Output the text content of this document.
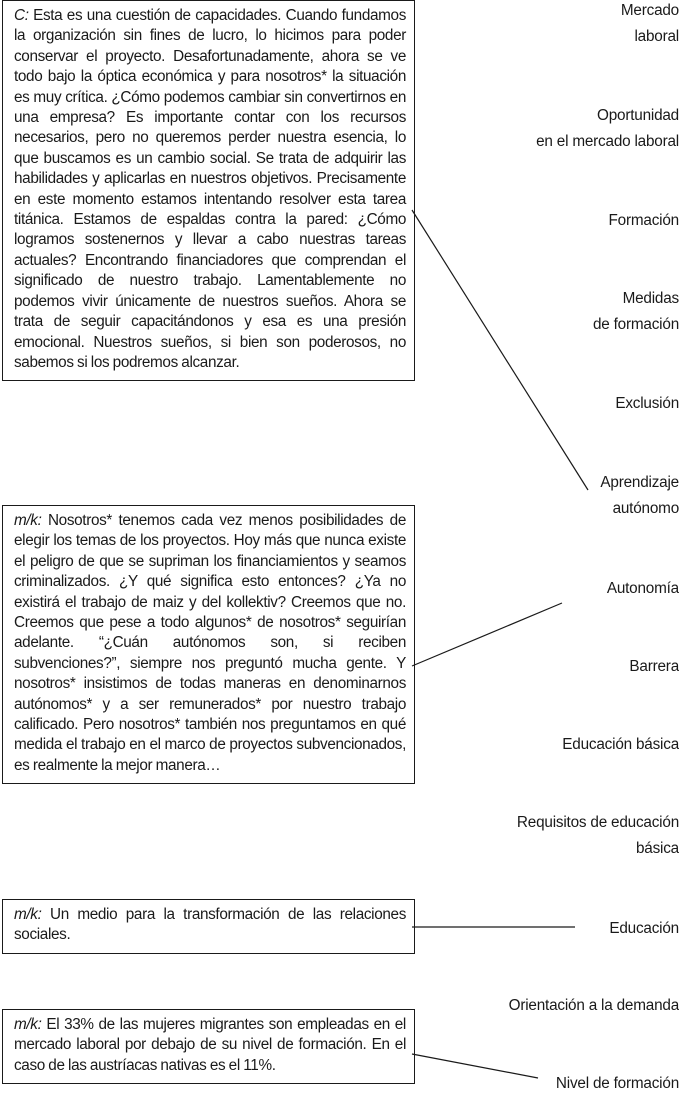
C: Esta es una cuestión de capacidades. Cuando fundamos la organización sin fines de lucro, lo hicimos para poder conservar el proyecto. Desafortunadamente, ahora se ve todo bajo la óptica económica y para nosotros* la situación es muy crítica. ¿Cómo podemos cambiar sin convertirnos en una empresa? Es importante contar con los recursos necesarios, pero no queremos perder nuestra esencia, lo que buscamos es un cambio social. Se trata de adquirir las habilidades y aplicarlas en nuestros objetivos. Precisamente en este momento estamos intentando resolver esta tarea titánica. Estamos de espaldas contra la pared: ¿Cómo logramos sostenernos y llevar a cabo nuestras tareas actuales? Encontrando financiadores que comprendan el significado de nuestro trabajo. Lamentablemente no podemos vivir únicamente de nuestros sueños. Ahora se trata de seguir capacitándonos y esa es una presión emocional. Nuestros sueños, si bien son poderosos, no sabemos si los podremos alcanzar.
m/k: Nosotros* tenemos cada vez menos posibilidades de elegir los temas de los proyectos. Hoy más que nunca existe el peligro de que se supriman los financiamientos y seamos criminalizados. ¿Y qué significa esto entonces? ¿Ya no existirá el trabajo de maiz y del kollektiv? Creemos que no. Creemos que pese a todo algunos* de nosotros* seguirían adelante. “¿Cuán autónomos son, si reciben subvenciones?”, siempre nos preguntó mucha gente. Y nosotros* insistimos de todas maneras en denominarnos autónomos* y a ser remunerados* por nuestro trabajo calificado. Pero nosotros* también nos preguntamos en qué medida el trabajo en el marco de proyectos subvencionados, es realmente la mejor manera…
m/k: Un medio para la transformación de las relaciones sociales.
m/k: El 33% de las mujeres migrantes son empleadas en el mercado laboral por debajo de su nivel de formación. En el caso de las austríacas nativas es el 11%.
Mercado
laboral
Oportunidad
en el mercado laboral
Formación
Medidas
de formación
Exclusión
Aprendizaje
autónomo
Autonomía
Barrera
Educación básica
Requisitos de educación
básica
Educación
Orientación a la demanda
Nivel de formación
